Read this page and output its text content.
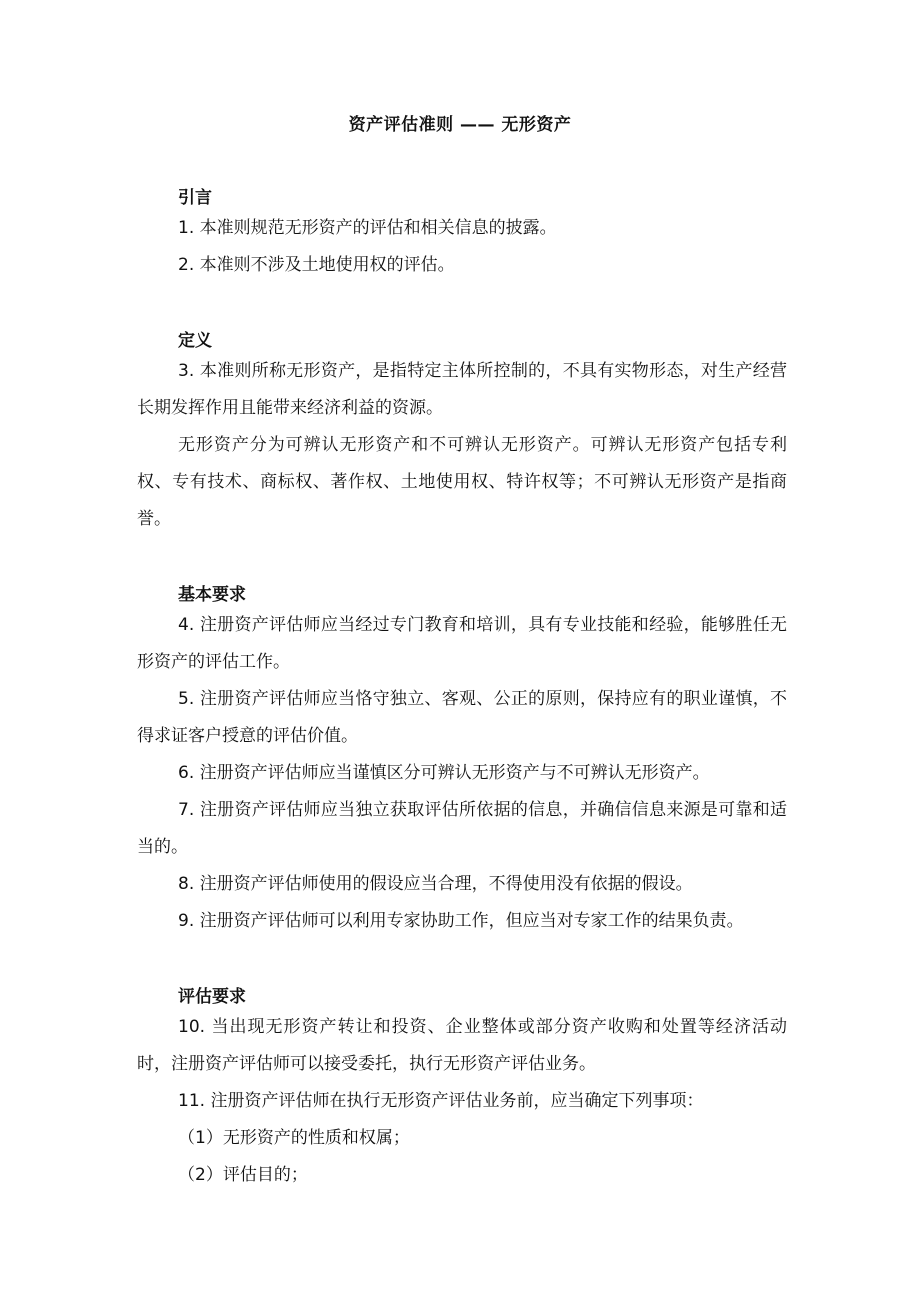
资产评估准则 —— 无形资产
引言

1. 本准则规范无形资产的评估和相关信息的披露。

2. 本准则不涉及土地使用权的评估。

定义

3. 本准则所称无形资产，是指特定主体所控制的，不具有实物形态，对生产经营长期发挥作用且能带来经济利益的资源。

无形资产分为可辨认无形资产和不可辨认无形资产。可辨认无形资产包括专利权、专有技术、商标权、著作权、土地使用权、特许权等；不可辨认无形资产是指商誉。

基本要求

4. 注册资产评估师应当经过专门教育和培训，具有专业技能和经验，能够胜任无形资产的评估工作。

5. 注册资产评估师应当恪守独立、客观、公正的原则，保持应有的职业谨慎，不得求证客户授意的评估价值。

6. 注册资产评估师应当谨慎区分可辨认无形资产与不可辨认无形资产。

7. 注册资产评估师应当独立获取评估所依据的信息，并确信信息来源是可靠和适当的。

8. 注册资产评估师使用的假设应当合理，不得使用没有依据的假设。

9. 注册资产评估师可以利用专家协助工作，但应当对专家工作的结果负责。

评估要求

10. 当出现无形资产转让和投资、企业整体或部分资产收购和处置等经济活动时，注册资产评估师可以接受委托，执行无形资产评估业务。

11. 注册资产评估师在执行无形资产评估业务前，应当确定下列事项：

（1）无形资产的性质和权属；

（2）评估目的；
